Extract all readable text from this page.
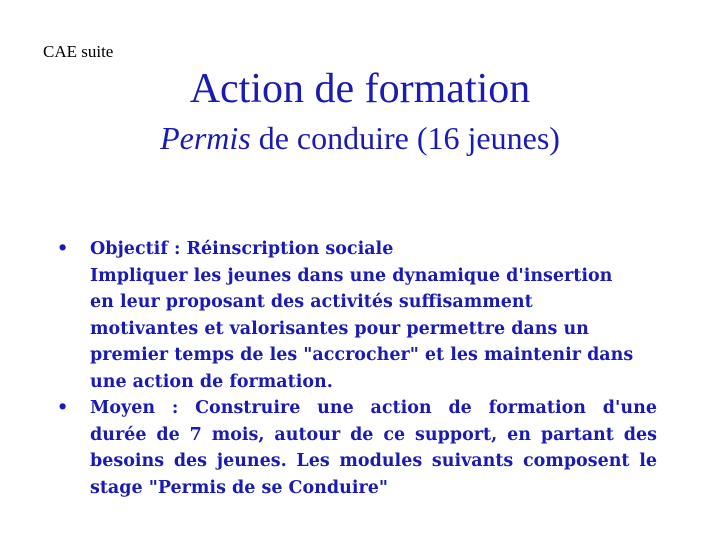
CAE suite
Action de formation
Permis de conduire (16 jeunes)
• Objectif : Réinscription sociale
Impliquer les jeunes dans une dynamique d'insertion
en leur proposant des activités suffisamment
motivantes et valorisantes pour permettre dans un
premier temps de les "accrocher" et les maintenir dans
une action de formation.
• Moyen : Construire une action de formation d'une
durée de 7 mois, autour de ce support, en partant des
besoins des jeunes. Les modules suivants composent le
stage "Permis de se Conduire"
